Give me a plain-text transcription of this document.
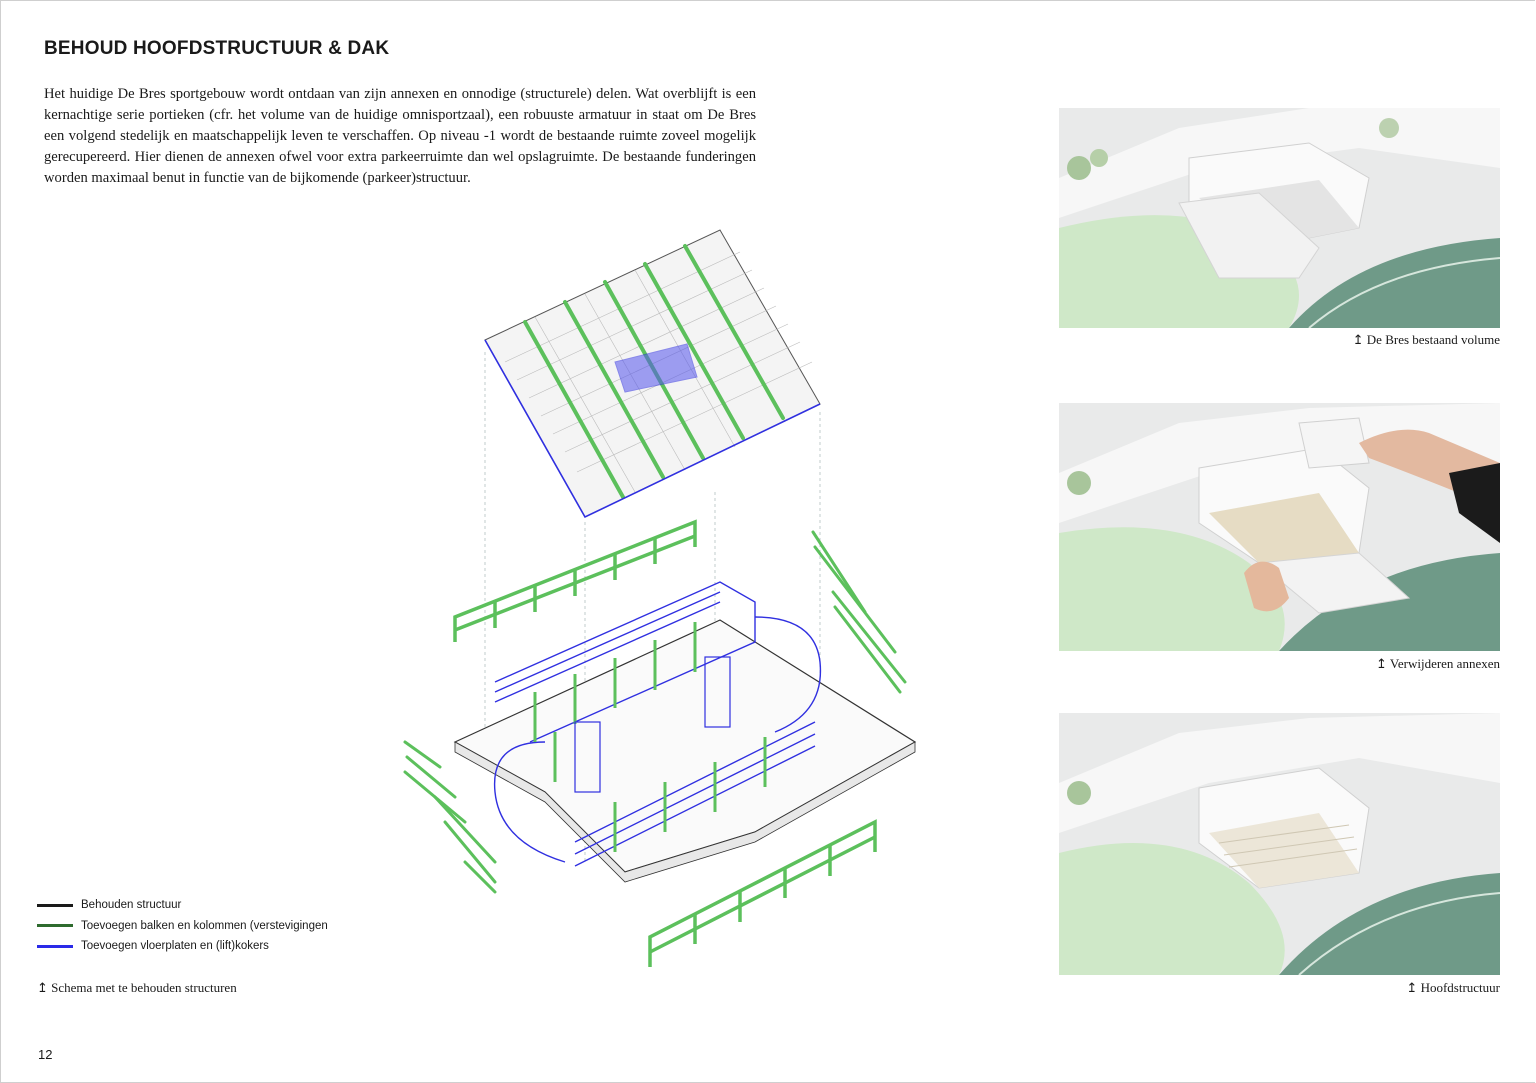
BEHOUD HOOFDSTRUCTUUR & DAK
Het huidige De Bres sportgebouw wordt ontdaan van zijn annexen en onnodige (structurele) delen. Wat overblijft is een kernachtige serie portieken (cfr. het volume van de huidige omnisportzaal), een robuuste armatuur in staat om De Bres een volgend stedelijk en maatschappelijk leven te verschaffen. Op niveau -1 wordt de bestaande ruimte zoveel mogelijk gerecupereerd. Hier dienen de annexen ofwel voor extra parkeerruimte dan wel opslagruimte. De bestaande funderingen worden maximaal benut in functie van de bijkomende (parkeer)structuur.
Behouden structuur
Toevoegen balken en kolommen (verstevigingen
Toevoegen vloerplaten en (lift)kokers
↥ Schema met te behouden structuren
12
↥ De Bres bestaand volume
↥ Verwijderen annexen
↥ Hoofdstructuur
